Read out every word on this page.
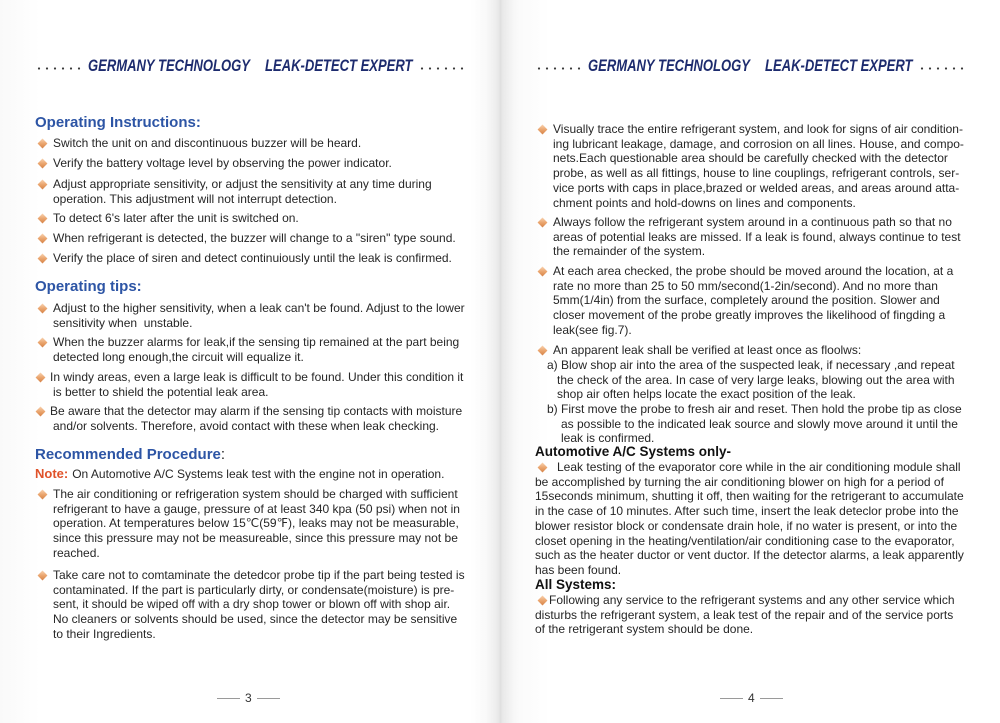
GERMANY TECHNOLOGY LEAK-DETECT EXPERT
Operating Instructions:
Switch the unit on and discontinuous buzzer will be heard.
Verify the battery voltage level by observing the power indicator.
Adjust appropriate sensitivity, or adjust the sensitivity at any time during
operation. This adjustment will not interrupt detection.
To detect 6's later after the unit is switched on.
When refrigerant is detected, the buzzer will change to a "siren" type sound.
Verify the place of siren and detect continuiously until the leak is confirmed.
Operating tips:
Adjust to the higher sensitivity, when a leak can't be found. Adjust to the lower
sensitivity when  unstable.
When the buzzer alarms for leak,if the sensing tip remained at the part being
detected long enough,the circuit will equalize it.
In windy areas, even a large leak is difficult to be found. Under this condition it
is better to shield the potential leak area.
Be aware that the detector may alarm if the sensing tip contacts with moisture
and/or solvents. Therefore, avoid contact with these when leak checking.
Recommended Procedure:
Note: On Automotive A/C Systems leak test with the engine not in operation.
The air conditioning or refrigeration system should be charged with sufficient
refrigerant to have a gauge, pressure of at least 340 kpa (50 psi) when not in
operation. At temperatures below 15℃(59℉), leaks may not be measurable,
since this pressure may not be measureable, since this pressure may not be
reached.
Take care not to comtaminate the detedcor probe tip if the part being tested is
contaminated. If the part is particularly dirty, or condensate(moisture) is pre-
sent, it should be wiped off with a dry shop tower or blown off with shop air.
No cleaners or solvents should be used, since the detector may be sensitive
to their Ingredients.
3
GERMANY TECHNOLOGY LEAK-DETECT EXPERT
Visually trace the entire refrigerant system, and look for signs of air condition-
ing lubricant leakage, damage, and corrosion on all lines. House, and compo-
nets.Each questionable area should be carefully checked with the detector
probe, as well as all fittings, house to line couplings, refrigerant controls, ser-
vice ports with caps in place,brazed or welded areas, and areas around atta-
chment points and hold-downs on lines and components.
Always follow the refrigerant system around in a continuous path so that no
areas of potential leaks are missed. If a leak is found, always continue to test
the remainder of the system.
At each area checked, the probe should be moved around the location, at a
rate no more than 25 to 50 mm/second(1-2in/second). And no more than
5mm(1/4in) from the surface, completely around the position. Slower and
closer movement of the probe greatly improves the likelihood of fingding a
leak(see fig.7).
An apparent leak shall be verified at least once as floolws:
a) Blow shop air into the area of the suspected leak, if necessary ,and repeat
the check of the area. In case of very large leaks, blowing out the area with
shop air often helps locate the exact position of the leak.
b) First move the probe to fresh air and reset. Then hold the probe tip as close
as possible to the indicated leak source and slowly move around it until the
leak is confirmed.
Automotive A/C Systems only-
Leak testing of the evaporator core while in the air conditioning module shall
be accomplished by turning the air conditioning blower on high for a period of
15seconds minimum, shutting it off, then waiting for the retrigerant to accumulate
in the case of 10 minutes. After such time, insert the leak deteclor probe into the
blower resistor block or condensate drain hole, if no water is present, or into the
closet opening in the heating/ventilation/air conditioning case to the evaporator,
such as the heater ductor or vent ductor. If the detector alarms, a leak apparently
has been found.
All Systems:
Following any service to the refrigerant systems and any other service which
disturbs the refrigerant system, a leak test of the repair and of the service ports
of the retrigerant system should be done.
4
